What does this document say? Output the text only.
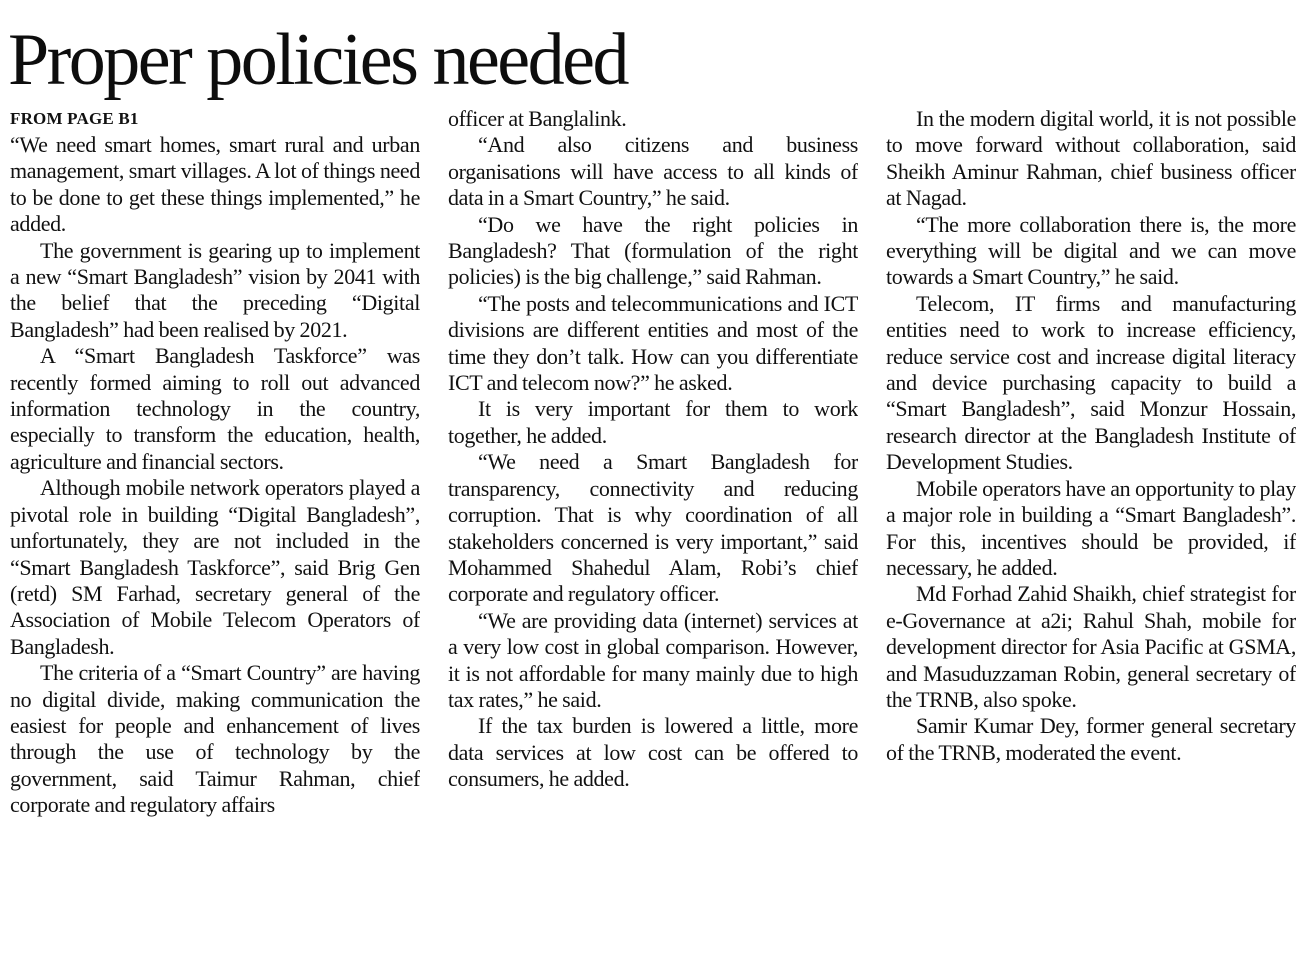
Proper policies needed
FROM PAGE B1

“We need smart homes, smart rural and urban management, smart villages. A lot of things need to be done to get these things implemented,” he added.

The government is gearing up to implement a new “Smart Bangladesh” vision by 2041 with the belief that the preceding “Digital Bangladesh” had been realised by 2021.

A “Smart Bangladesh Taskforce” was recently formed aiming to roll out advanced information technology in the country, especially to transform the education, health, agriculture and financial sectors.

Although mobile network operators played a pivotal role in building “Digital Bangladesh”, unfortunately, they are not included in the “Smart Bangladesh Taskforce”, said Brig Gen (retd) SM Farhad, secretary general of the Association of Mobile Telecom Operators of Bangladesh.

The criteria of a “Smart Country” are having no digital divide, making communication the easiest for people and enhancement of lives through the use of technology by the government, said Taimur Rahman, chief corporate and regulatory affairs

officer at Banglalink.

“And also citizens and business organisations will have access to all kinds of data in a Smart Country,” he said.

“Do we have the right policies in Bangladesh? That (formulation of the right policies) is the big challenge,” said Rahman.

“The posts and telecommunications and ICT divisions are different entities and most of the time they don’t talk. How can you differentiate ICT and telecom now?” he asked.

It is very important for them to work together, he added.

“We need a Smart Bangladesh for transparency, connectivity and reducing corruption. That is why coordination of all stakeholders concerned is very important,” said Mohammed Shahedul Alam, Robi’s chief corporate and regulatory officer.

“We are providing data (internet) services at a very low cost in global comparison. However, it is not affordable for many mainly due to high tax rates,” he said.

If the tax burden is lowered a little, more data services at low cost can be offered to consumers, he added.

In the modern digital world, it is not possible to move forward without collaboration, said Sheikh Aminur Rahman, chief business officer at Nagad.

“The more collaboration there is, the more everything will be digital and we can move towards a Smart Country,” he said.

Telecom, IT firms and manufacturing entities need to work to increase efficiency, reduce service cost and increase digital literacy and device purchasing capacity to build a “Smart Bangladesh”, said Monzur Hossain, research director at the Bangladesh Institute of Development Studies.

Mobile operators have an opportunity to play a major role in building a “Smart Bangladesh”. For this, incentives should be provided, if necessary, he added.

Md Forhad Zahid Shaikh, chief strategist for e-Governance at a2i; Rahul Shah, mobile for development director for Asia Pacific at GSMA, and Masuduzzaman Robin, general secretary of the TRNB, also spoke.

Samir Kumar Dey, former general secretary of the TRNB, moderated the event.
